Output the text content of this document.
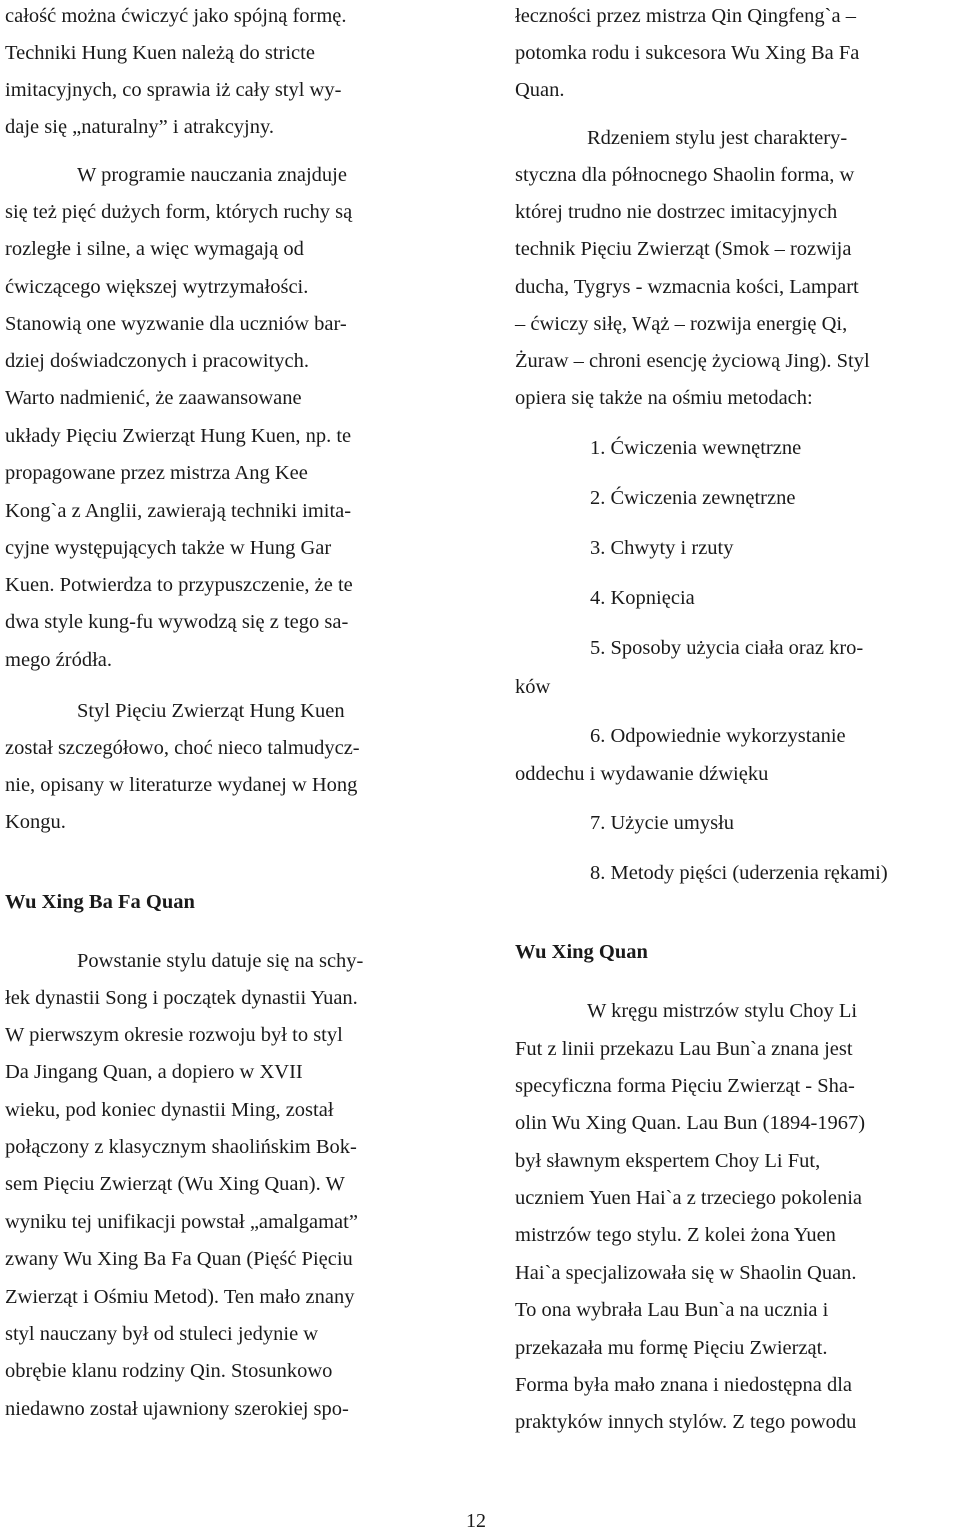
całość można ćwiczyć jako spójną formę.
Techniki Hung Kuen należą do stricte
imitacyjnych, co sprawia iż cały styl wy-
daje się „naturalny” i atrakcyjny.
W programie nauczania znajduje
się też pięć dużych form, których ruchy są
rozległe i silne, a więc wymagają od
ćwiczącego większej wytrzymałości.
Stanowią one wyzwanie dla uczniów bar-
dziej doświadczonych i pracowitych.
Warto nadmienić, że zaawansowane
układy Pięciu Zwierząt Hung Kuen, np. te
propagowane przez mistrza Ang Kee
Kong`a z Anglii, zawierają techniki imita-
cyjne występujących także w Hung Gar
Kuen. Potwierdza to przypuszczenie, że te
dwa style kung-fu wywodzą się z tego sa-
mego źródła.
Styl Pięciu Zwierząt Hung Kuen
został szczegółowo, choć nieco talmudycz-
nie, opisany w literaturze wydanej w Hong
Kongu.
Wu Xing Ba Fa Quan
Powstanie stylu datuje się na schy-
łek dynastii Song i początek dynastii Yuan.
W pierwszym okresie rozwoju był to styl
Da Jingang Quan, a dopiero w XVII
wieku, pod koniec dynastii Ming, został
połączony z klasycznym shaolińskim Bok-
sem Pięciu Zwierząt (Wu Xing Quan). W
wyniku tej unifikacji powstał „amalgamat”
zwany Wu Xing Ba Fa Quan (Pięść Pięciu
Zwierząt i Ośmiu Metod). Ten mało znany
styl nauczany był od stuleci jedynie w
obrębie klanu rodziny Qin. Stosunkowo
niedawno został ujawniony szerokiej spo-
łeczności przez mistrza Qin Qingfeng`a –
potomka rodu i sukcesora Wu Xing Ba Fa
Quan.
Rdzeniem stylu jest charaktery-
styczna dla północnego Shaolin forma, w
której trudno nie dostrzec imitacyjnych
technik Pięciu Zwierząt (Smok – rozwija
ducha, Tygrys - wzmacnia kości, Lampart
– ćwiczy siłę, Wąż – rozwija energię Qi,
Żuraw – chroni esencję życiową Jing). Styl
opiera się także na ośmiu metodach:
1. Ćwiczenia wewnętrzne
2. Ćwiczenia zewnętrzne
3. Chwyty i rzuty
4. Kopnięcia
5. Sposoby użycia ciała oraz kro-
ków
6. Odpowiednie wykorzystanie
oddechu i wydawanie dźwięku
7. Użycie umysłu
8. Metody pięści (uderzenia rękami)
Wu Xing Quan
W kręgu mistrzów stylu Choy Li
Fut z linii przekazu Lau Bun`a znana jest
specyficzna forma Pięciu Zwierząt - Sha-
olin Wu Xing Quan. Lau Bun (1894-1967)
był sławnym ekspertem Choy Li Fut,
uczniem Yuen Hai`a z trzeciego pokolenia
mistrzów tego stylu. Z kolei żona Yuen
Hai`a specjalizowała się w Shaolin Quan.
To ona wybrała Lau Bun`a na ucznia i
przekazała mu formę Pięciu Zwierząt.
Forma była mało znana i niedostępna dla
praktyków innych stylów. Z tego powodu
12
